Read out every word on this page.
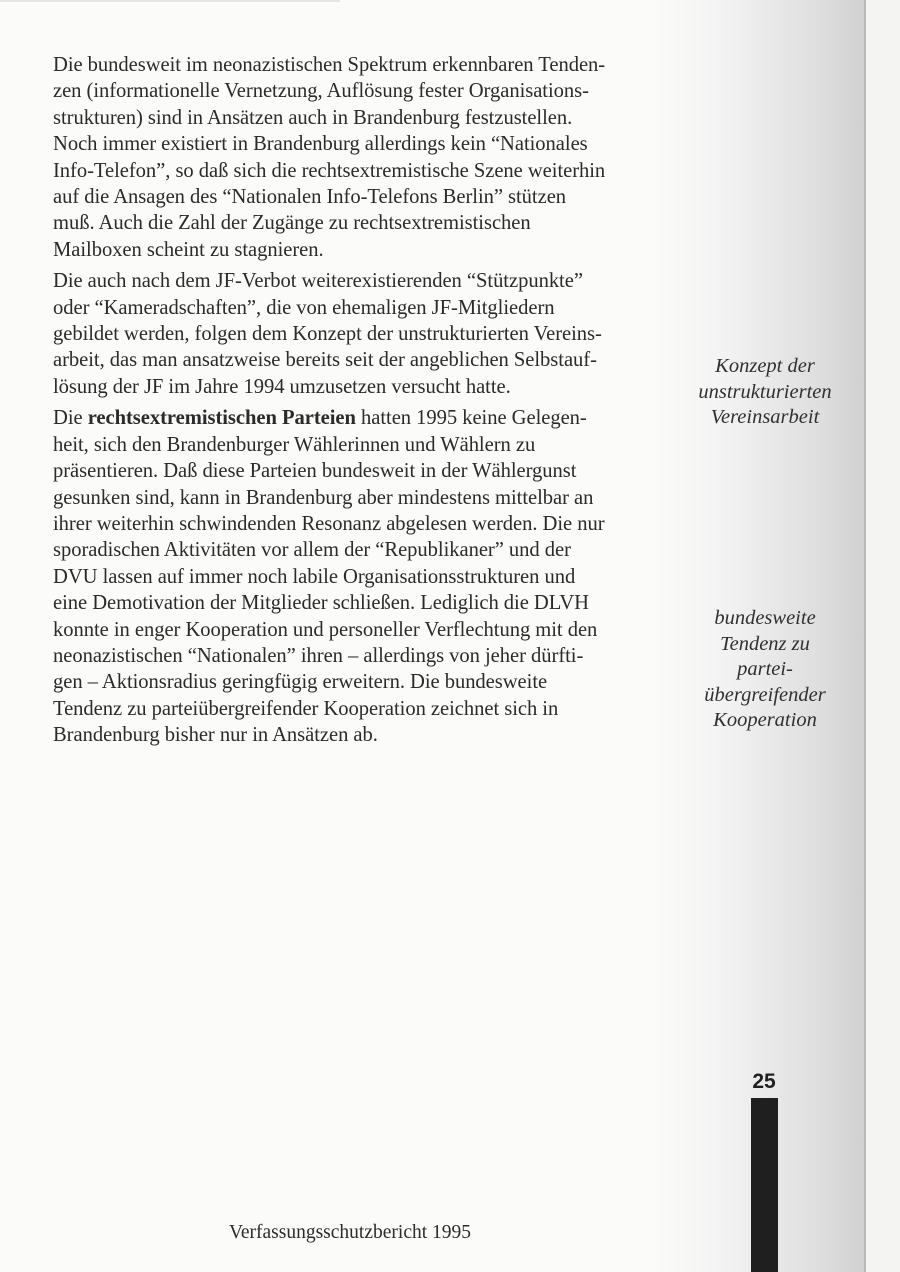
Die bundesweit im neonazistischen Spektrum erkennbaren Tenden-
zen (informationelle Vernetzung, Auflösung fester Organisations-
strukturen) sind in Ansätzen auch in Brandenburg festzustellen.
Noch immer existiert in Brandenburg allerdings kein “Nationales
Info-Telefon”, so daß sich die rechtsextremistische Szene weiterhin
auf die Ansagen des “Nationalen Info-Telefons Berlin” stützen
muß. Auch die Zahl der Zugänge zu rechtsextremistischen
Mailboxen scheint zu stagnieren.

Die auch nach dem JF-Verbot weiterexistierenden “Stützpunkte”
oder “Kameradschaften”, die von ehemaligen JF-Mitgliedern
gebildet werden, folgen dem Konzept der unstrukturierten Vereins-
arbeit, das man ansatzweise bereits seit der angeblichen Selbstauf-
lösung der JF im Jahre 1994 umzusetzen versucht hatte.

Die rechtsextremistischen Parteien hatten 1995 keine Gelegen-
heit, sich den Brandenburger Wählerinnen und Wählern zu
präsentieren. Daß diese Parteien bundesweit in der Wählergunst
gesunken sind, kann in Brandenburg aber mindestens mittelbar an
ihrer weiterhin schwindenden Resonanz abgelesen werden. Die nur
sporadischen Aktivitäten vor allem der “Republikaner” und der
DVU lassen auf immer noch labile Organisationsstrukturen und
eine Demotivation der Mitglieder schließen. Lediglich die DLVH
konnte in enger Kooperation und personeller Verflechtung mit den
neonazistischen “Nationalen” ihren – allerdings von jeher dürfti-
gen – Aktionsradius geringfügig erweitern. Die bundesweite
Tendenz zu parteiübergreifender Kooperation zeichnet sich in
Brandenburg bisher nur in Ansätzen ab.

Konzept der
unstrukturierten
Vereinsarbeit
bundesweite
Tendenz zu
partei-
übergreifender
Kooperation
25
Verfassungsschutzbericht 1995
